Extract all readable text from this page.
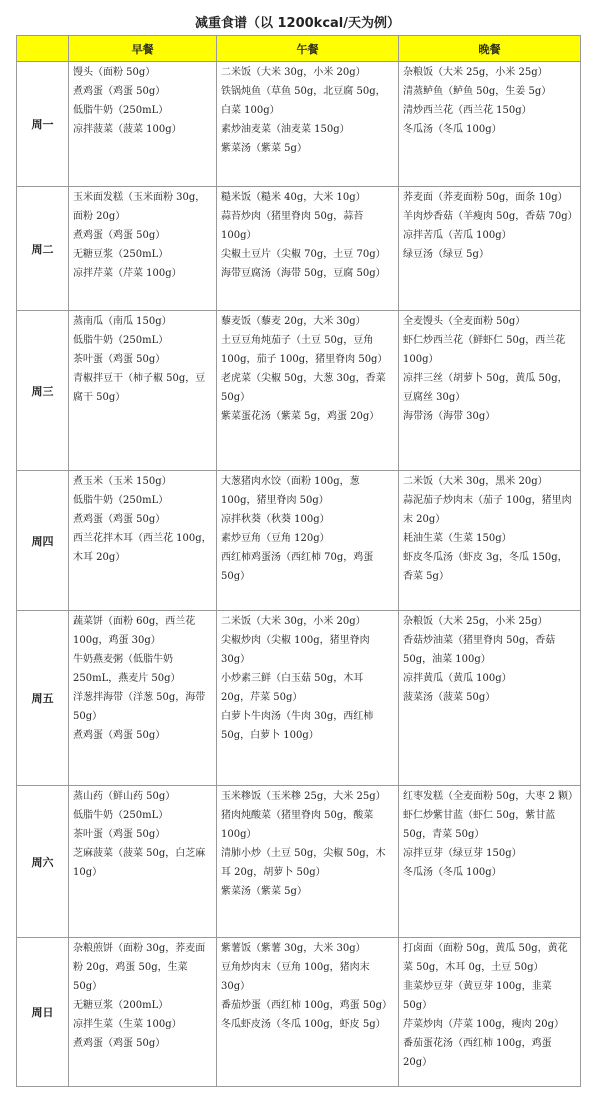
减重食谱（以 1200kcal/天为例）
	早餐	午餐	晚餐
周一	馒头（面粉 50g）
煮鸡蛋（鸡蛋 50g）
低脂牛奶（250mL）
凉拌菠菜（菠菜 100g）	二米饭（大米 30g，小米 20g）
铁锅炖鱼（草鱼 50g，北豆腐 50g，白菜 100g）
素炒油麦菜（油麦菜 150g）
紫菜汤（紫菜 5g）	杂粮饭（大米 25g，小米 25g）
清蒸鲈鱼（鲈鱼 50g，生姜 5g）
清炒西兰花（西兰花 150g）
冬瓜汤（冬瓜 100g）

周二	玉米面发糕（玉米面粉 30g，面粉 20g）
煮鸡蛋（鸡蛋 50g）
无糖豆浆（250mL）
凉拌芹菜（芹菜 100g）	糙米饭（糙米 40g，大米 10g）
蒜苔炒肉（猪里脊肉 50g，蒜苔 100g）
尖椒土豆片（尖椒 70g，土豆 70g）
海带豆腐汤（海带 50g，豆腐 50g）	荞麦面（荞麦面粉 50g，面条 10g）
羊肉炒香菇（羊瘦肉 50g，香菇 70g）
凉拌苦瓜（苦瓜 100g）
绿豆汤（绿豆 5g）

周三	蒸南瓜（南瓜 150g）
低脂牛奶（250mL）
茶叶蛋（鸡蛋 50g）
青椒拌豆干（柿子椒 50g，豆腐干 50g）	藜麦饭（藜麦 20g，大米 30g）
土豆豆角炖茄子（土豆 50g，豆角 100g，茄子 100g，猪里脊肉 50g）
老虎菜（尖椒 50g，大葱 30g，香菜 50g）
紫菜蛋花汤（紫菜 5g，鸡蛋 20g）	全麦馒头（全麦面粉 50g）
虾仁炒西兰花（鲜虾仁 50g，西兰花 100g）
凉拌三丝（胡萝卜 50g，黄瓜 50g，豆腐丝 30g）
海带汤（海带 30g）

周四	煮玉米（玉米 150g）
低脂牛奶（250mL）
煮鸡蛋（鸡蛋 50g）
西兰花拌木耳（西兰花 100g，木耳 20g）	大葱猪肉水饺（面粉 100g，葱 100g，猪里脊肉 50g）
凉拌秋葵（秋葵 100g）
素炒豆角（豆角 120g）
西红柿鸡蛋汤（西红柿 70g，鸡蛋 50g）	二米饭（大米 30g，黑米 20g）
蒜泥茄子炒肉末（茄子 100g，猪里肉末 20g）
耗油生菜（生菜 150g）
虾皮冬瓜汤（虾皮 3g，冬瓜 150g，香菜 5g）

周五	蔬菜饼（面粉 60g，西兰花 100g，鸡蛋 30g）
牛奶燕麦粥（低脂牛奶 250mL，燕麦片 50g）
洋葱拌海带（洋葱 50g，海带 50g）
煮鸡蛋（鸡蛋 50g）	二米饭（大米 30g，小米 20g）
尖椒炒肉（尖椒 100g，猪里脊肉 30g）
小炒素三鲜（白玉菇 50g，木耳 20g，芹菜 50g）
白萝卜牛肉汤（牛肉 30g，西红柿 50g，白萝卜 100g）	杂粮饭（大米 25g，小米 25g）
香菇炒油菜（猪里脊肉 50g，香菇 50g，油菜 100g）
凉拌黄瓜（黄瓜 100g）
菠菜汤（菠菜 50g）

周六	蒸山药（鲜山药 50g）
低脂牛奶（250mL）
茶叶蛋（鸡蛋 50g）
芝麻菠菜（菠菜 50g，白芝麻 10g）	玉米糁饭（玉米糁 25g，大米 25g）
猪肉炖酸菜（猪里脊肉 50g，酸菜 100g）
清肺小炒（土豆 50g，尖椒 50g，木耳 20g，胡萝卜 50g）
紫菜汤（紫菜 5g）	红枣发糕（全麦面粉 50g，大枣 2 颗）
虾仁炒紫甘蓝（虾仁 50g，紫甘蓝 50g，青菜 50g）
凉拌豆芽（绿豆芽 150g）
冬瓜汤（冬瓜 100g）

周日	杂粮煎饼（面粉 30g，荞麦面粉 20g，鸡蛋 50g，生菜 50g）
无糖豆浆（200mL）
凉拌生菜（生菜 100g）
煮鸡蛋（鸡蛋 50g）	紫薯饭（紫薯 30g，大米 30g）
豆角炒肉末（豆角 100g，猪肉末 30g）
番茄炒蛋（西红柿 100g，鸡蛋 50g）
冬瓜虾皮汤（冬瓜 100g，虾皮 5g）	打卤面（面粉 50g，黄瓜 50g，黄花菜 50g，木耳 0g，土豆 50g）
韭菜炒豆芽（黄豆芽 100g，韭菜 50g）
芹菜炒肉（芹菜 100g，瘦肉 20g）
番茄蛋花汤（西红柿 100g，鸡蛋 20g）
